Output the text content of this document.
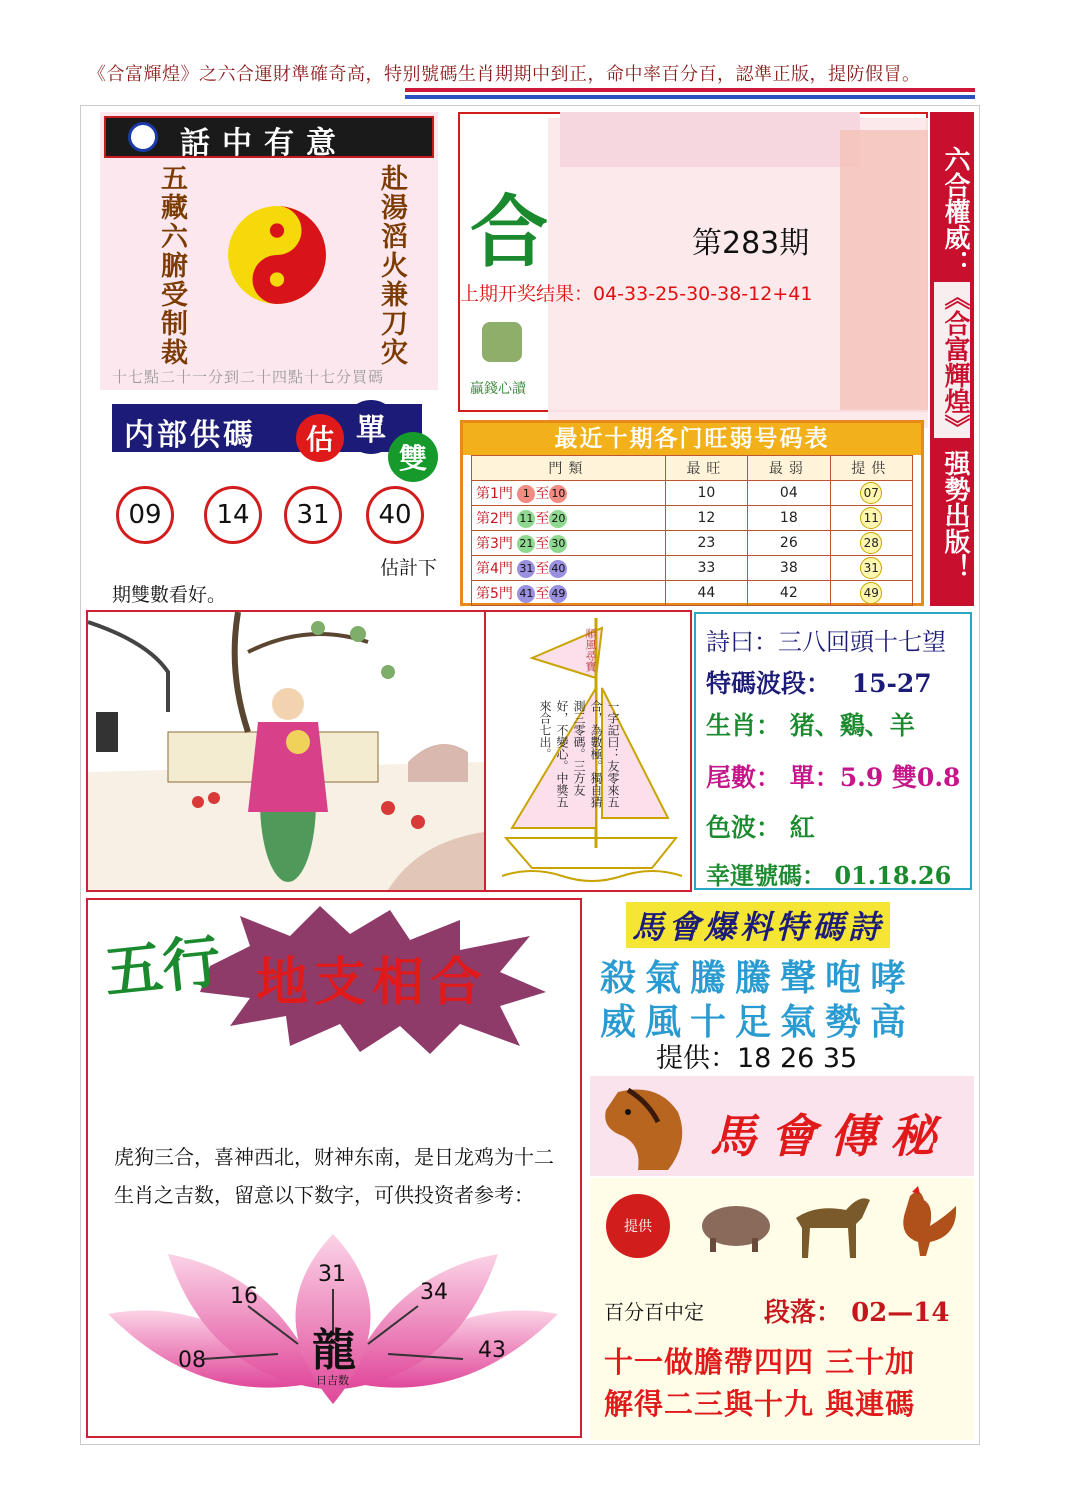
《合富輝煌》之六合運財準確奇高，特别號碼生肖期期中到正，命中率百分百，認準正版，提防假冒。
話中有意
五藏六腑受制裁	赴湯滔火兼刀灾
十七點二十一分到二十四點十七分買碼
合	第283期
上期开奖结果：04-33-25-30-38-12+41
贏錢心讀
六合權威：
《合富輝煌》
强勢出版！
内部供碼	估 單
雙
09	14	31	40
估計下
期雙數看好。
最近十期各门旺弱号码表
門類	最旺	最弱	提供
第1門 1 至 10	10	04	07
第2門 11 至 20	12	18	11
第3門 21 至 30	23	26	28
第4門 31 至 40	33	38	31
第5門 41 至 49	44	42	49
順風尋寶
一字記曰：友零來五合，為數極。獨自猜測三零碼。三方友好，不變心。中獎五來合七出。
詩曰：三八回頭十七望
特碼波段： 15-27
生肖： 猪、鷄、羊
尾數： 單：5.9 雙0.8
色波： 紅
幸運號碼： 01.18.26
五行 地支相合
虎狗三合，喜神西北，财神东南，是日龙鸡为十二生肖之吉数，留意以下数字，可供投资者参考：
08
16
31
34
43
龍
日吉数
馬會爆料特碼詩
殺氣騰騰聲咆哮
威風十足氣勢高
提供：18 26 35
馬會傳秘
提供
百分百中定 段落： 02—14
十一做膽帶四四 三十加
解得二三與十九 與連碼
